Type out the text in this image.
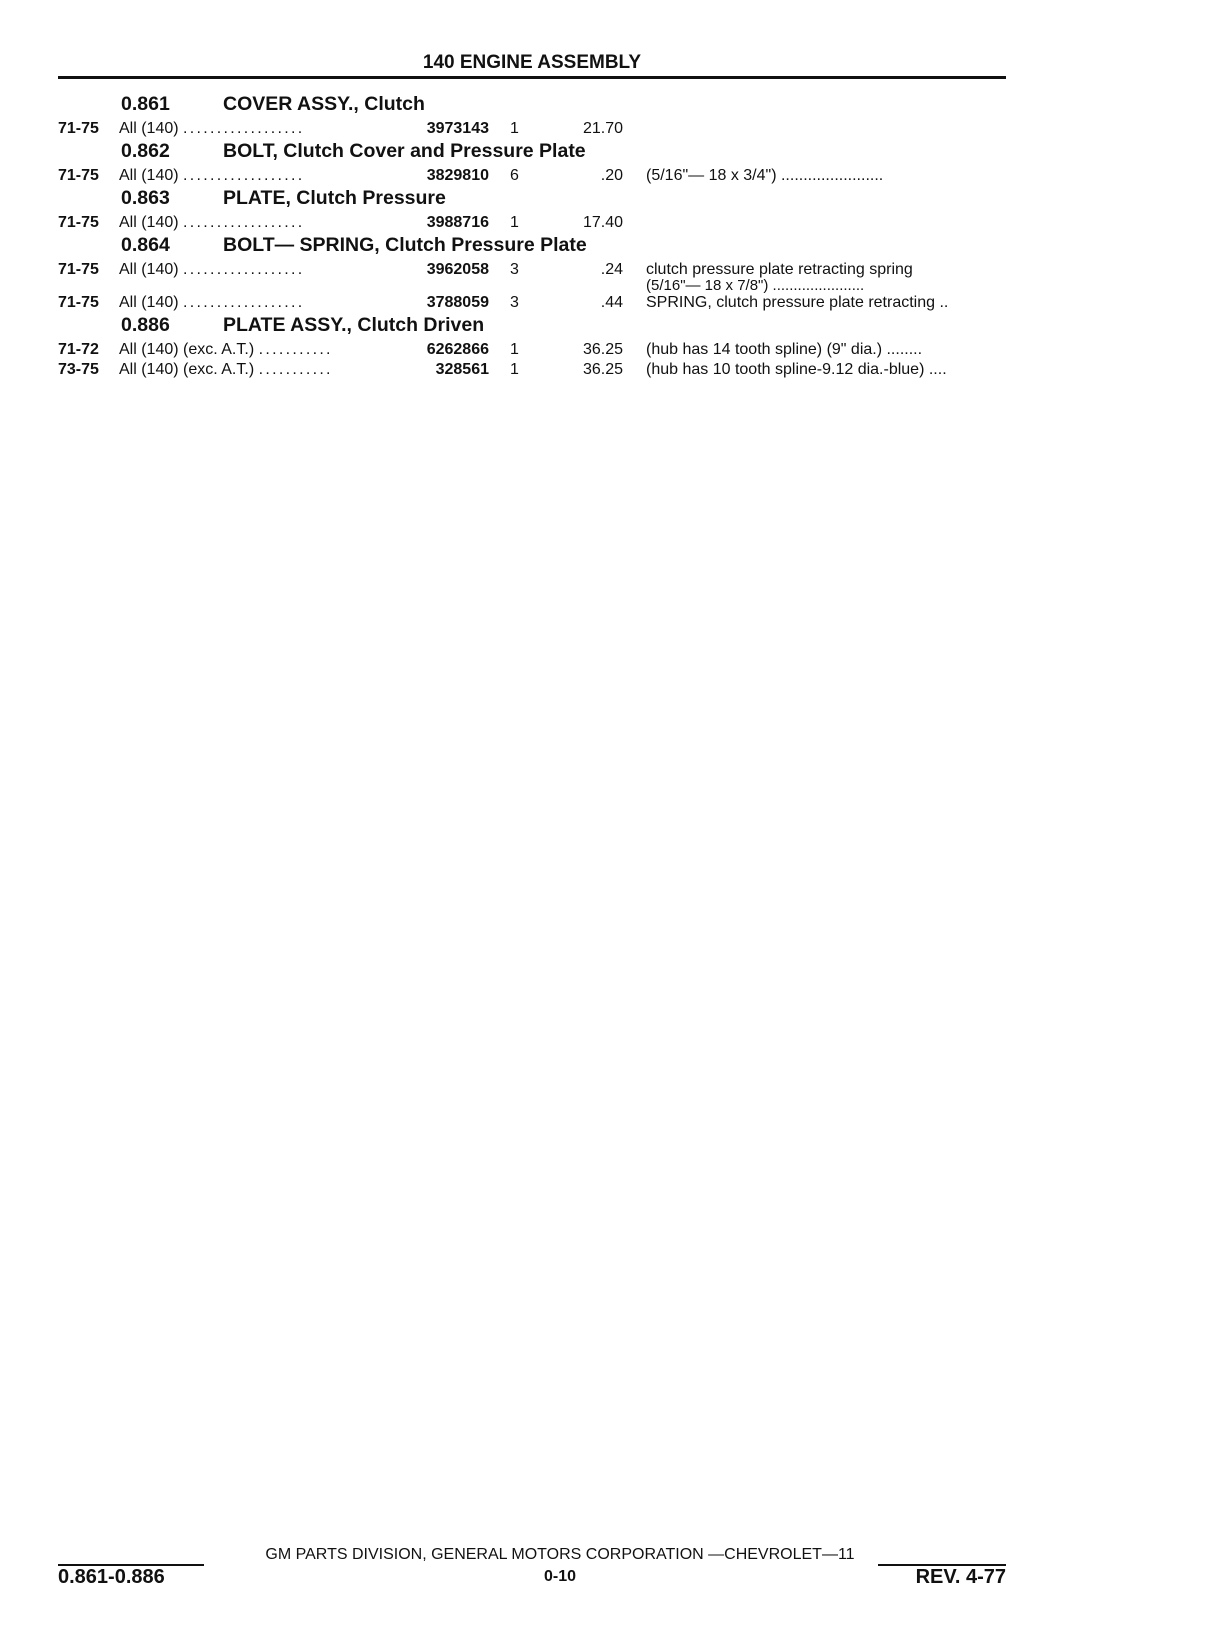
140 ENGINE ASSEMBLY
0.861	COVER ASSY., Clutch
71-75 All (140) ..................	3973143 1	21.70
0.862	BOLT, Clutch Cover and Pressure Plate
71-75 All (140) ..................	3829810 6	.20 (5/16"— 18 x 3/4") .......................
0.863	PLATE, Clutch Pressure
71-75 All (140) ..................	3988716 1	17.40
0.864	BOLT— SPRING, Clutch Pressure Plate
71-75 All (140) ..................	3962058 3	.24 clutch pressure plate retracting spring
(5/16"— 18 x 7/8") ......................
71-75 All (140) ..................	3788059 3	.44 SPRING, clutch pressure plate retracting ..
0.886	PLATE ASSY., Clutch Driven
71-72 All (140) (exc. A.T.) ...........	6262866 1	36.25 (hub has 14 tooth spline) (9" dia.) ........
73-75 All (140) (exc. A.T.) ...........	328561 1	36.25 (hub has 10 tooth spline-9.12 dia.-blue) ....
GM PARTS DIVISION, GENERAL MOTORS CORPORATION —CHEVROLET—11
0-10
0.861-0.886	REV. 4-77
